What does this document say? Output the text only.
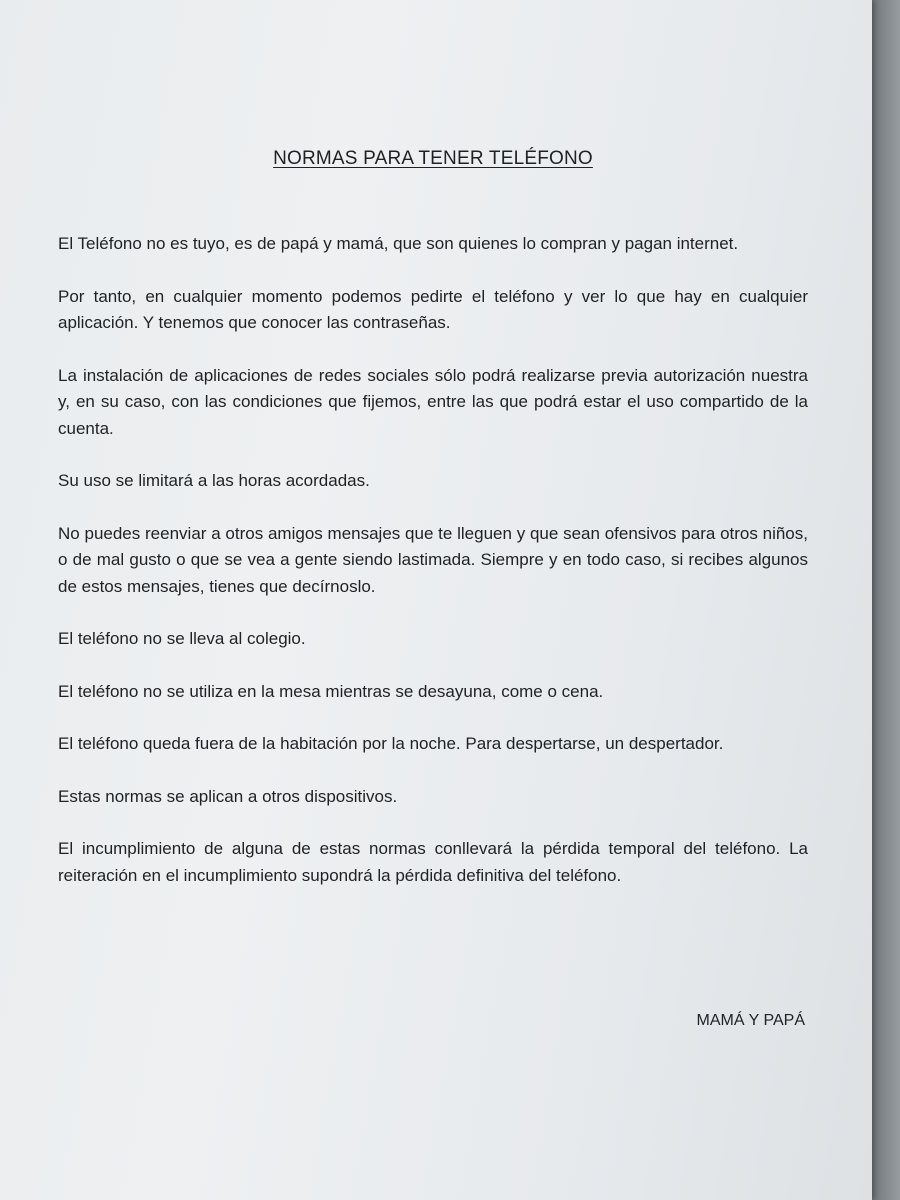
NORMAS PARA TENER TELÉFONO

El Teléfono no es tuyo, es de papá y mamá, que son quienes lo compran y pagan internet.

Por tanto, en cualquier momento podemos pedirte el teléfono y ver lo que hay en cualquier aplicación. Y tenemos que conocer las contraseñas.

La instalación de aplicaciones de redes sociales sólo podrá realizarse previa autorización nuestra y, en su caso, con las condiciones que fijemos, entre las que podrá estar el uso compartido de la cuenta.

Su uso se limitará a las horas acordadas.

No puedes reenviar a otros amigos mensajes que te lleguen y que sean ofensivos para otros niños, o de mal gusto o que se vea a gente siendo lastimada. Siempre y en todo caso, si recibes algunos de estos mensajes, tienes que decírnoslo.

El teléfono no se lleva al colegio.

El teléfono no se utiliza en la mesa mientras se desayuna, come o cena.

El teléfono queda fuera de la habitación por la noche. Para despertarse, un despertador.

Estas normas se aplican a otros dispositivos.

El incumplimiento de alguna de estas normas conllevará la pérdida temporal del teléfono. La reiteración en el incumplimiento supondrá la pérdida definitiva del teléfono.

MAMÁ Y PAPÁ
